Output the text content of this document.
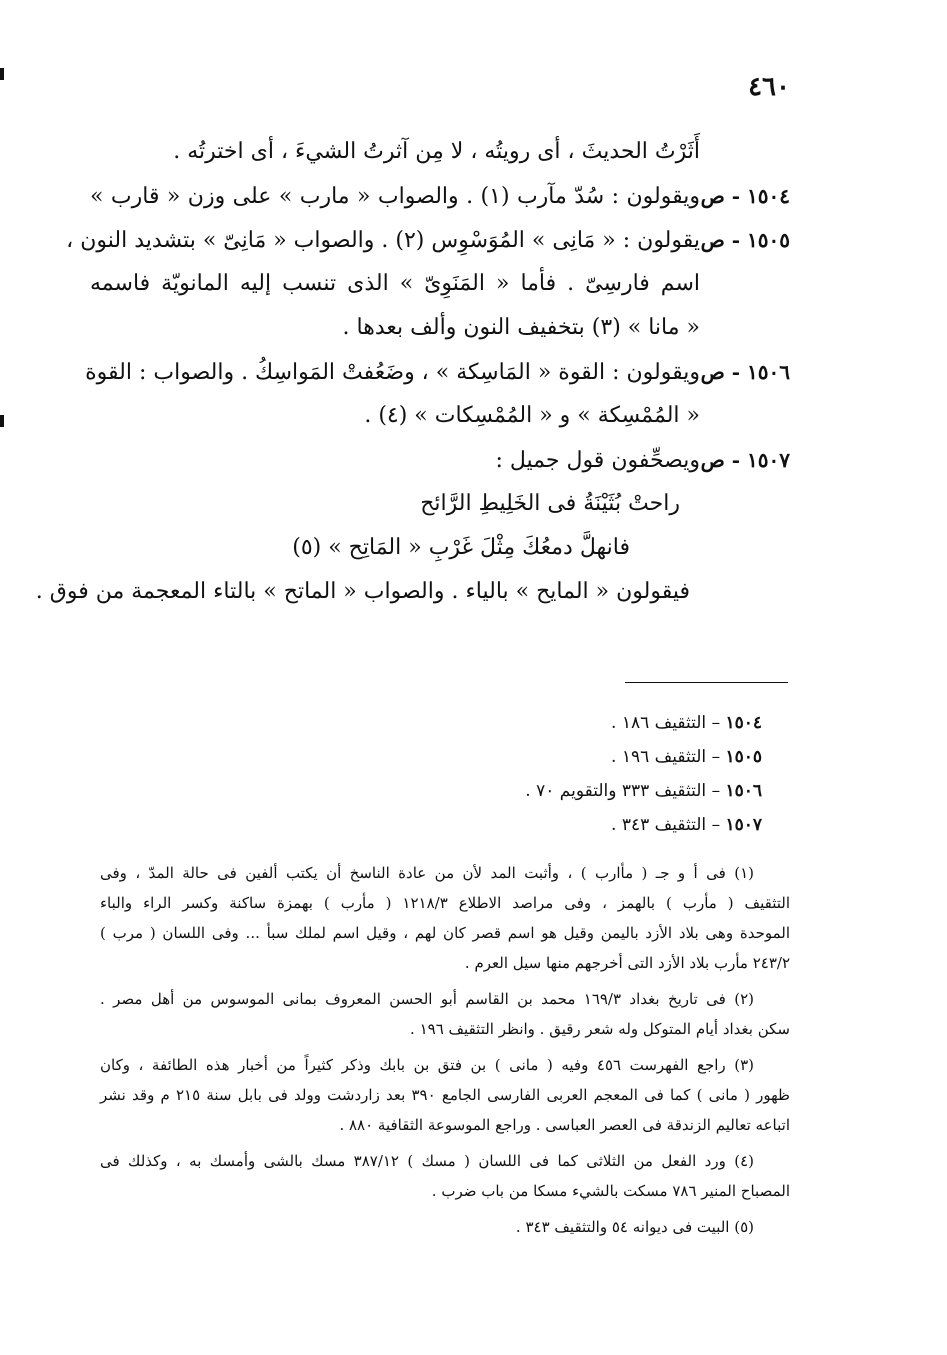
٤٦٠
أَثَرْتُ الحديثَ ، أى رويتُه ، لا مِن آثرتُ الشيءَ ، أى اخترتُه .
١٥٠٤ - ص
ويقولون : سُدّ مآرب (١) . والصواب « مارب » على وزن « قارب »
١٥٠٥ - ص
يقولون : « مَانِى » المُوَسْوِس (٢) . والصواب « مَانِىّ » بتشديد النون ،
اسم فارسِىّ . فأما « المَنَوِىّ » الذى تنسب إليه المانويّة فاسمه
« مانا » (٣) بتخفيف النون وألف بعدها .
١٥٠٦ - ص
ويقولون : القوة « المَاسِكة » ، وضَعُفتْ المَواسِكُ . والصواب : القوة
« المُمْسِكة » و « المُمْسِكات » (٤) .
١٥٠٧ - ص
ويصحِّفون قول جميل :
راحتْ بُثَيْنَةُ فى الخَلِيطِ الرَّائح
فانهلَّ دمعُكَ مِثْلَ غَرْبِ « المَاتِح » (٥)
فيقولون « المايح » بالياء . والصواب « الماتح » بالتاء المعجمة من فوق .
١٥٠٤ – التثقيف ١٨٦ .
١٥٠٥ – التثقيف ١٩٦ .
١٥٠٦ – التثقيف ٣٣٣ والتقويم ٧٠ .
١٥٠٧ – التثقيف ٣٤٣ .
(١) فى أ و جـ ( مأارب ) ، وأثبت المد لأن من عادة الناسخ أن يكتب ألفين فى حالة المدّ ، وفى
التثقيف ( مأرب ) بالهمز ، وفى مراصد الاطلاع ١٢١٨/٣ ( مأرب ) بهمزة ساكنة وكسر الراء والباء
الموحدة وهى بلاد الأزد باليمن وقيل هو اسم قصر كان لهم ، وقيل اسم لملك سبأ ... وفى اللسان ( مرب )
٢٤٣/٢ مأرب بلاد الأزد التى أخرجهم منها سيل العرم .
(٢) فى تاريخ بغداد ١٦٩/٣ محمد بن القاسم أبو الحسن المعروف بمانى الموسوس من أهل مصر .
سكن بغداد أيام المتوكل وله شعر رقيق . وانظر التثقيف ١٩٦ .
(٣) راجع الفهرست ٤٥٦ وفيه ( مانى ) بن فتق بن بابك وذكر كثيراً من أخبار هذه الطائفة ، وكان
ظهور ( مانى ) كما فى المعجم العربى الفارسى الجامع ٣٩٠ بعد زاردشت وولد فى بابل سنة ٢١٥ م وقد نشر
اتباعه تعاليم الزندقة فى العصر العباسى . وراجع الموسوعة الثقافية ٨٨٠ .
(٤) ورد الفعل من الثلاثى كما فى اللسان ( مسك ) ٣٨٧/١٢ مسك بالشى وأمسك به ، وكذلك فى
المصباح المنير ٧٨٦ مسكت بالشيء مسكا من باب ضرب .
(٥) البيت فى ديوانه ٥٤ والتثقيف ٣٤٣ .
